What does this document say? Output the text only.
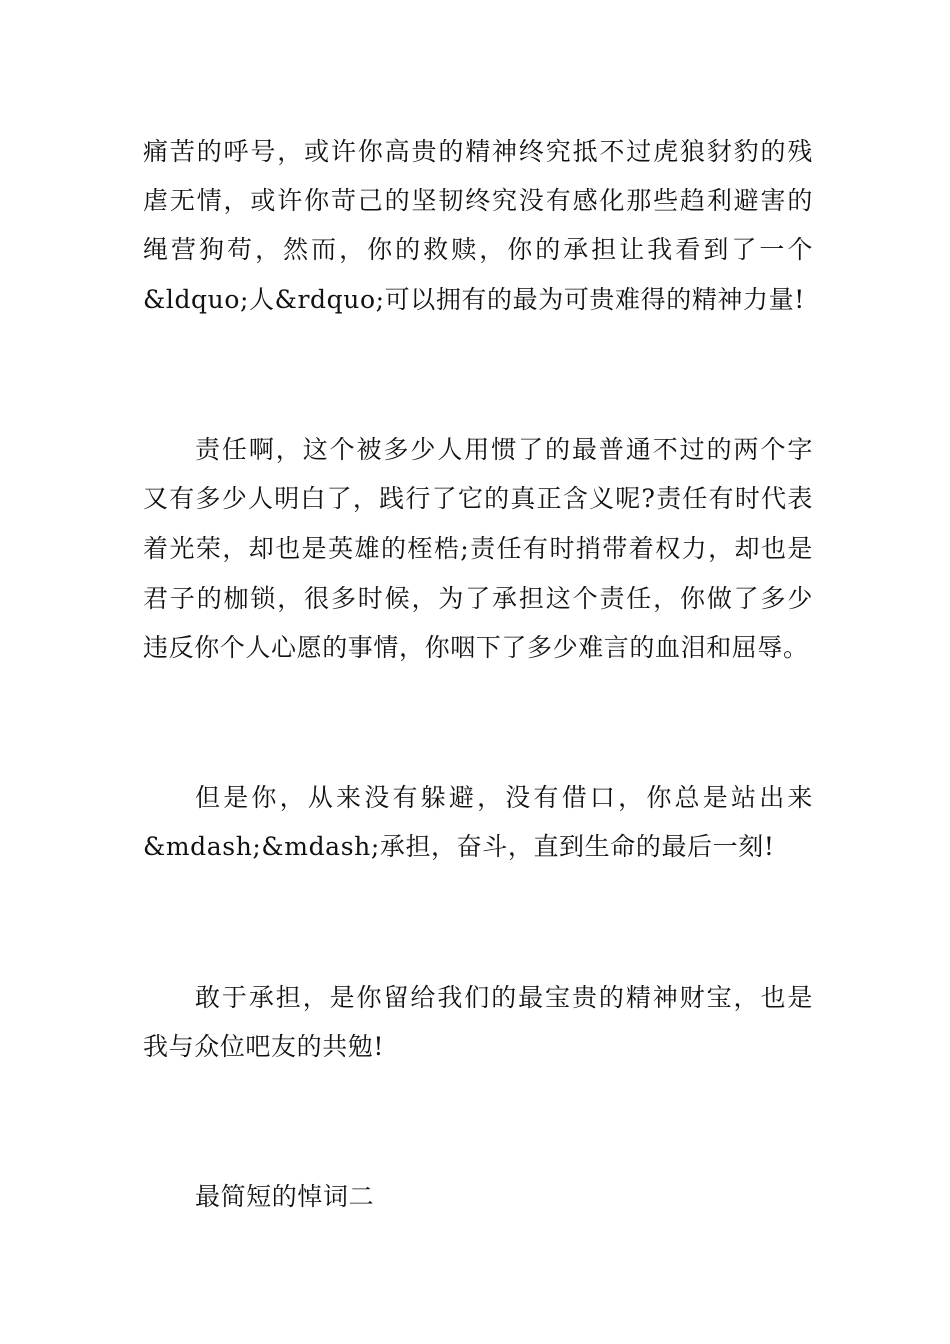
痛苦的呼号，或许你高贵的精神终究抵不过虎狼豺豹的残
虐无情，或许你苛己的坚韧终究没有感化那些趋利避害的
绳营狗苟，然而，你的救赎，你的承担让我看到了一个
&ldquo;人&rdquo;可以拥有的最为可贵难得的精神力量!
责任啊，这个被多少人用惯了的最普通不过的两个字
又有多少人明白了，践行了它的真正含义呢?责任有时代表
着光荣，却也是英雄的桎梏;责任有时捎带着权力，却也是
君子的枷锁，很多时候，为了承担这个责任，你做了多少
违反你个人心愿的事情，你咽下了多少难言的血泪和屈辱。
但是你，从来没有躲避，没有借口，你总是站出来
&mdash;&mdash;承担，奋斗，直到生命的最后一刻!
敢于承担，是你留给我们的最宝贵的精神财宝，也是
我与众位吧友的共勉!
最简短的悼词二
